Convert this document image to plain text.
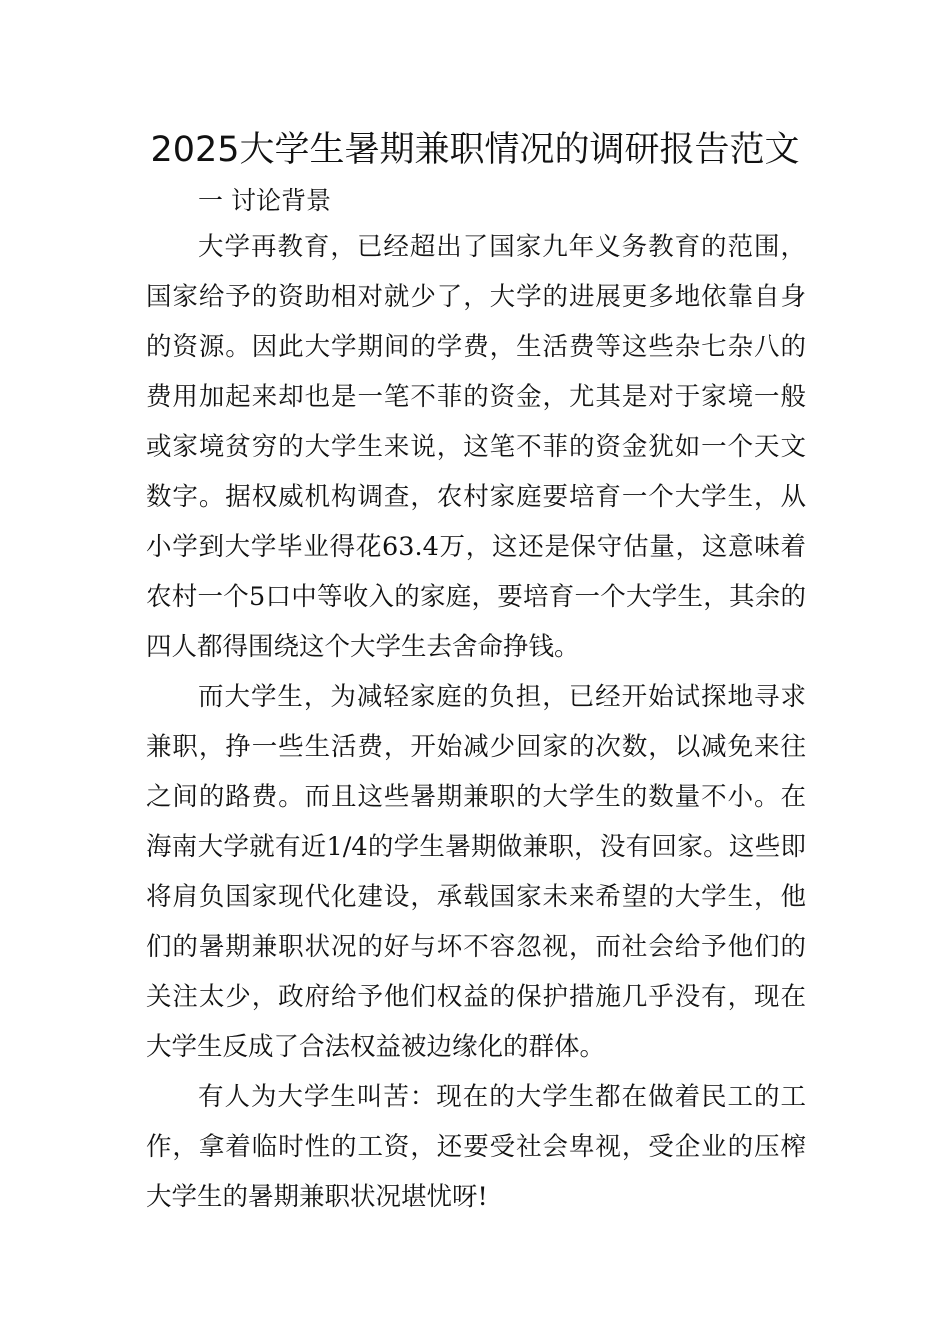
2025大学生暑期兼职情况的调研报告范文

一 讨论背景

大学再教育，已经超出了国家九年义务教育的范围，

国家给予的资助相对就少了，大学的进展更多地依靠自身

的资源。因此大学期间的学费，生活费等这些杂七杂八的

费用加起来却也是一笔不菲的资金，尤其是对于家境一般

或家境贫穷的大学生来说，这笔不菲的资金犹如一个天文

数字。据权威机构调查，农村家庭要培育一个大学生，从

小学到大学毕业得花63.4万，这还是保守估量，这意味着

农村一个5口中等收入的家庭，要培育一个大学生，其余的

四人都得围绕这个大学生去舍命挣钱。

而大学生，为减轻家庭的负担，已经开始试探地寻求

兼职，挣一些生活费，开始减少回家的次数，以减免来往

之间的路费。而且这些暑期兼职的大学生的数量不小。在

海南大学就有近1/4的学生暑期做兼职，没有回家。这些即

将肩负国家现代化建设，承载国家未来希望的大学生，他

们的暑期兼职状况的好与坏不容忽视，而社会给予他们的

关注太少，政府给予他们权益的保护措施几乎没有，现在

大学生反成了合法权益被边缘化的群体。

有人为大学生叫苦：现在的大学生都在做着民工的工

作，拿着临时性的工资，还要受社会卑视，受企业的压榨

大学生的暑期兼职状况堪忧呀!
